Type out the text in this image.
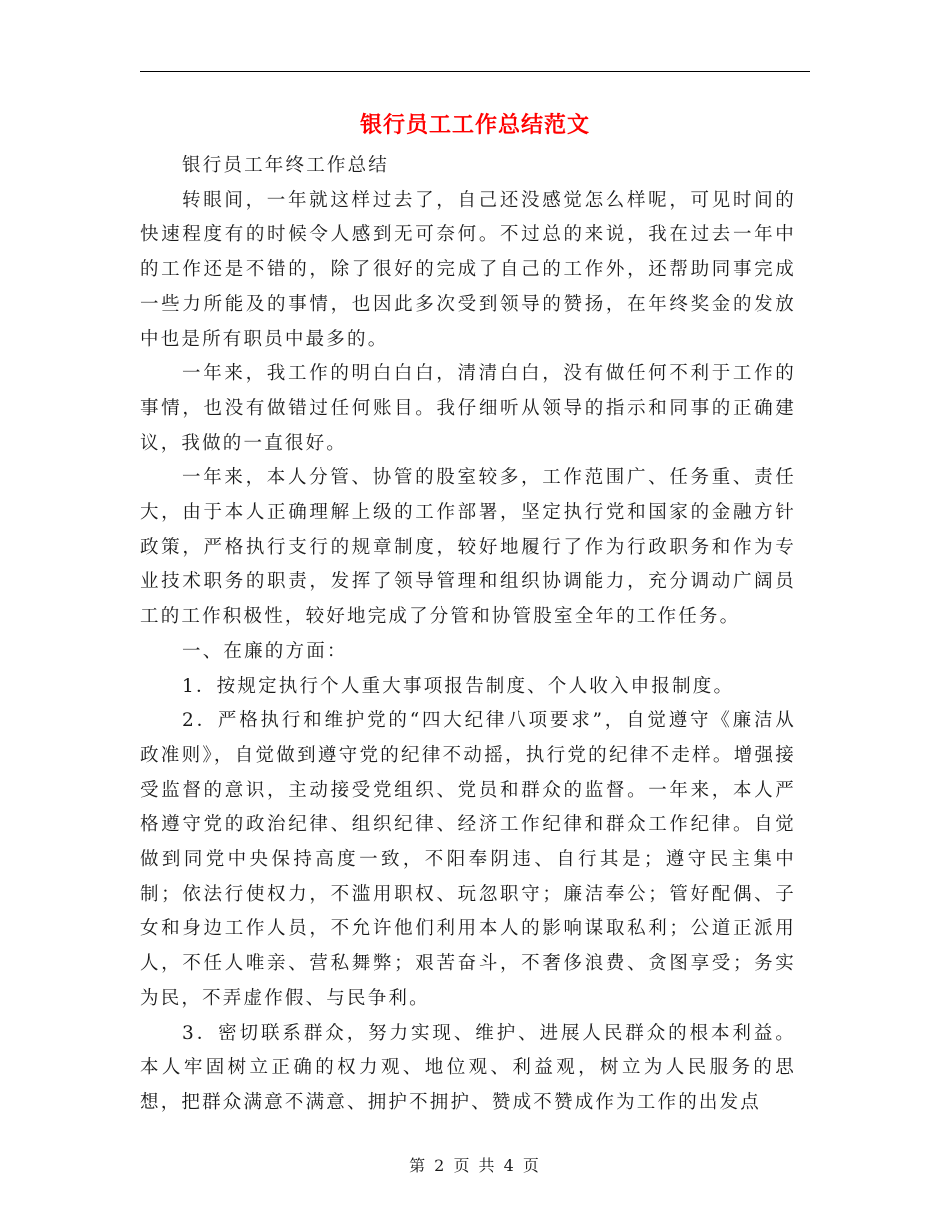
银行员工工作总结范文

银行员工年终工作总结

转眼间，一年就这样过去了，自己还没感觉怎么样呢，可见时间的快速程度有的时候令人感到无可奈何。不过总的来说，我在过去一年中的工作还是不错的，除了很好的完成了自己的工作外，还帮助同事完成一些力所能及的事情，也因此多次受到领导的赞扬，在年终奖金的发放中也是所有职员中最多的。

一年来，我工作的明白白白，清清白白，没有做任何不利于工作的事情，也没有做错过任何账目。我仔细听从领导的指示和同事的正确建议，我做的一直很好。

一年来，本人分管、协管的股室较多，工作范围广、任务重、责任大，由于本人正确理解上级的工作部署，坚定执行党和国家的金融方针政策，严格执行支行的规章制度，较好地履行了作为行政职务和作为专业技术职务的职责，发挥了领导管理和组织协调能力，充分调动广阔员工的工作积极性，较好地完成了分管和协管股室全年的工作任务。

一、在廉的方面：

1．按规定执行个人重大事项报告制度、个人收入申报制度。

2．严格执行和维护党的“四大纪律八项要求”，自觉遵守《廉洁从政准则》，自觉做到遵守党的纪律不动摇，执行党的纪律不走样。增强接受监督的意识，主动接受党组织、党员和群众的监督。一年来，本人严格遵守党的政治纪律、组织纪律、经济工作纪律和群众工作纪律。自觉做到同党中央保持高度一致，不阳奉阴违、自行其是；遵守民主集中制；依法行使权力，不滥用职权、玩忽职守；廉洁奉公；管好配偶、子女和身边工作人员，不允许他们利用本人的影响谋取私利；公道正派用人，不任人唯亲、营私舞弊；艰苦奋斗，不奢侈浪费、贪图享受；务实为民，不弄虚作假、与民争利。

3．密切联系群众，努力实现、维护、进展人民群众的根本利益。本人牢固树立正确的权力观、地位观、利益观，树立为人民服务的思想，把群众满意不满意、拥护不拥护、赞成不赞成作为工作的出发点

第 2 页 共 4 页
